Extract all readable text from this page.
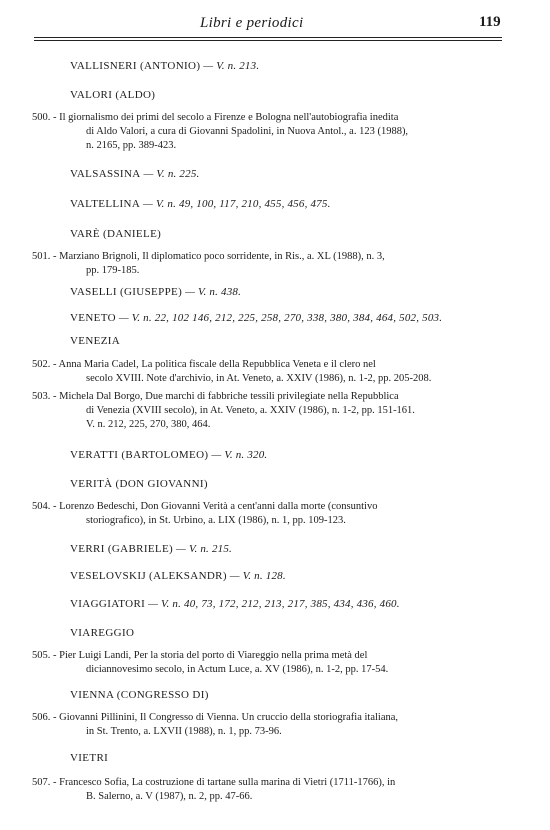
Libri e periodici	119
VALLISNERI (ANTONIO) — V. n. 213.
VALORI (ALDO)
500. - Il giornalismo dei primi del secolo a Firenze e Bologna nell'autobiografia inedita
di Aldo Valori, a cura di Giovanni Spadolini, in Nuova Antol., a. 123 (1988),
n. 2165, pp. 389-423.
VALSASSINA — V. n. 225.
VALTELLINA — V. n. 49, 100, 117, 210, 455, 456, 475.
VARÈ (DANIELE)
501. - Marziano Brignoli, Il diplomatico poco sorridente, in Ris., a. XL (1988), n. 3,
pp. 179-185.
VASELLI (GIUSEPPE) — V. n. 438.
VENETO — V. n. 22, 102 146, 212, 225, 258, 270, 338, 380, 384, 464, 502, 503.
VENEZIA
502. - Anna Maria Cadel, La politica fiscale della Repubblica Veneta e il clero nel
secolo XVIII. Note d'archivio, in At. Veneto, a. XXIV (1986), n. 1-2, pp. 205-208.
503. - Michela Dal Borgo, Due marchi di fabbriche tessili privilegiate nella Repubblica
di Venezia (XVIII secolo), in At. Veneto, a. XXIV (1986), n. 1-2, pp. 151-161.
V. n. 212, 225, 270, 380, 464.
VERATTI (BARTOLOMEO) — V. n. 320.
VERITÀ (DON GIOVANNI)
504. - Lorenzo Bedeschi, Don Giovanni Verità a cent'anni dalla morte (consuntivo
storiografico), in St. Urbino, a. LIX (1986), n. 1, pp. 109-123.
VERRI (GABRIELE) — V. n. 215.
VESELOVSKIJ (ALEKSANDR) — V. n. 128.
VIAGGIATORI — V. n. 40, 73, 172, 212, 213, 217, 385, 434, 436, 460.
VIAREGGIO
505. - Pier Luigi Landi, Per la storia del porto di Viareggio nella prima metà del
diciannovesimo secolo, in Actum Luce, a. XV (1986), n. 1-2, pp. 17-54.
VIENNA (CONGRESSO DI)
506. - Giovanni Pillinini, Il Congresso di Vienna. Un cruccio della storiografia italiana,
in St. Trento, a. LXVII (1988), n. 1, pp. 73-96.
VIETRI
507. - Francesco Sofia, La costruzione di tartane sulla marina di Vietri (1711-1766), in
B. Salerno, a. V (1987), n. 2, pp. 47-66.
